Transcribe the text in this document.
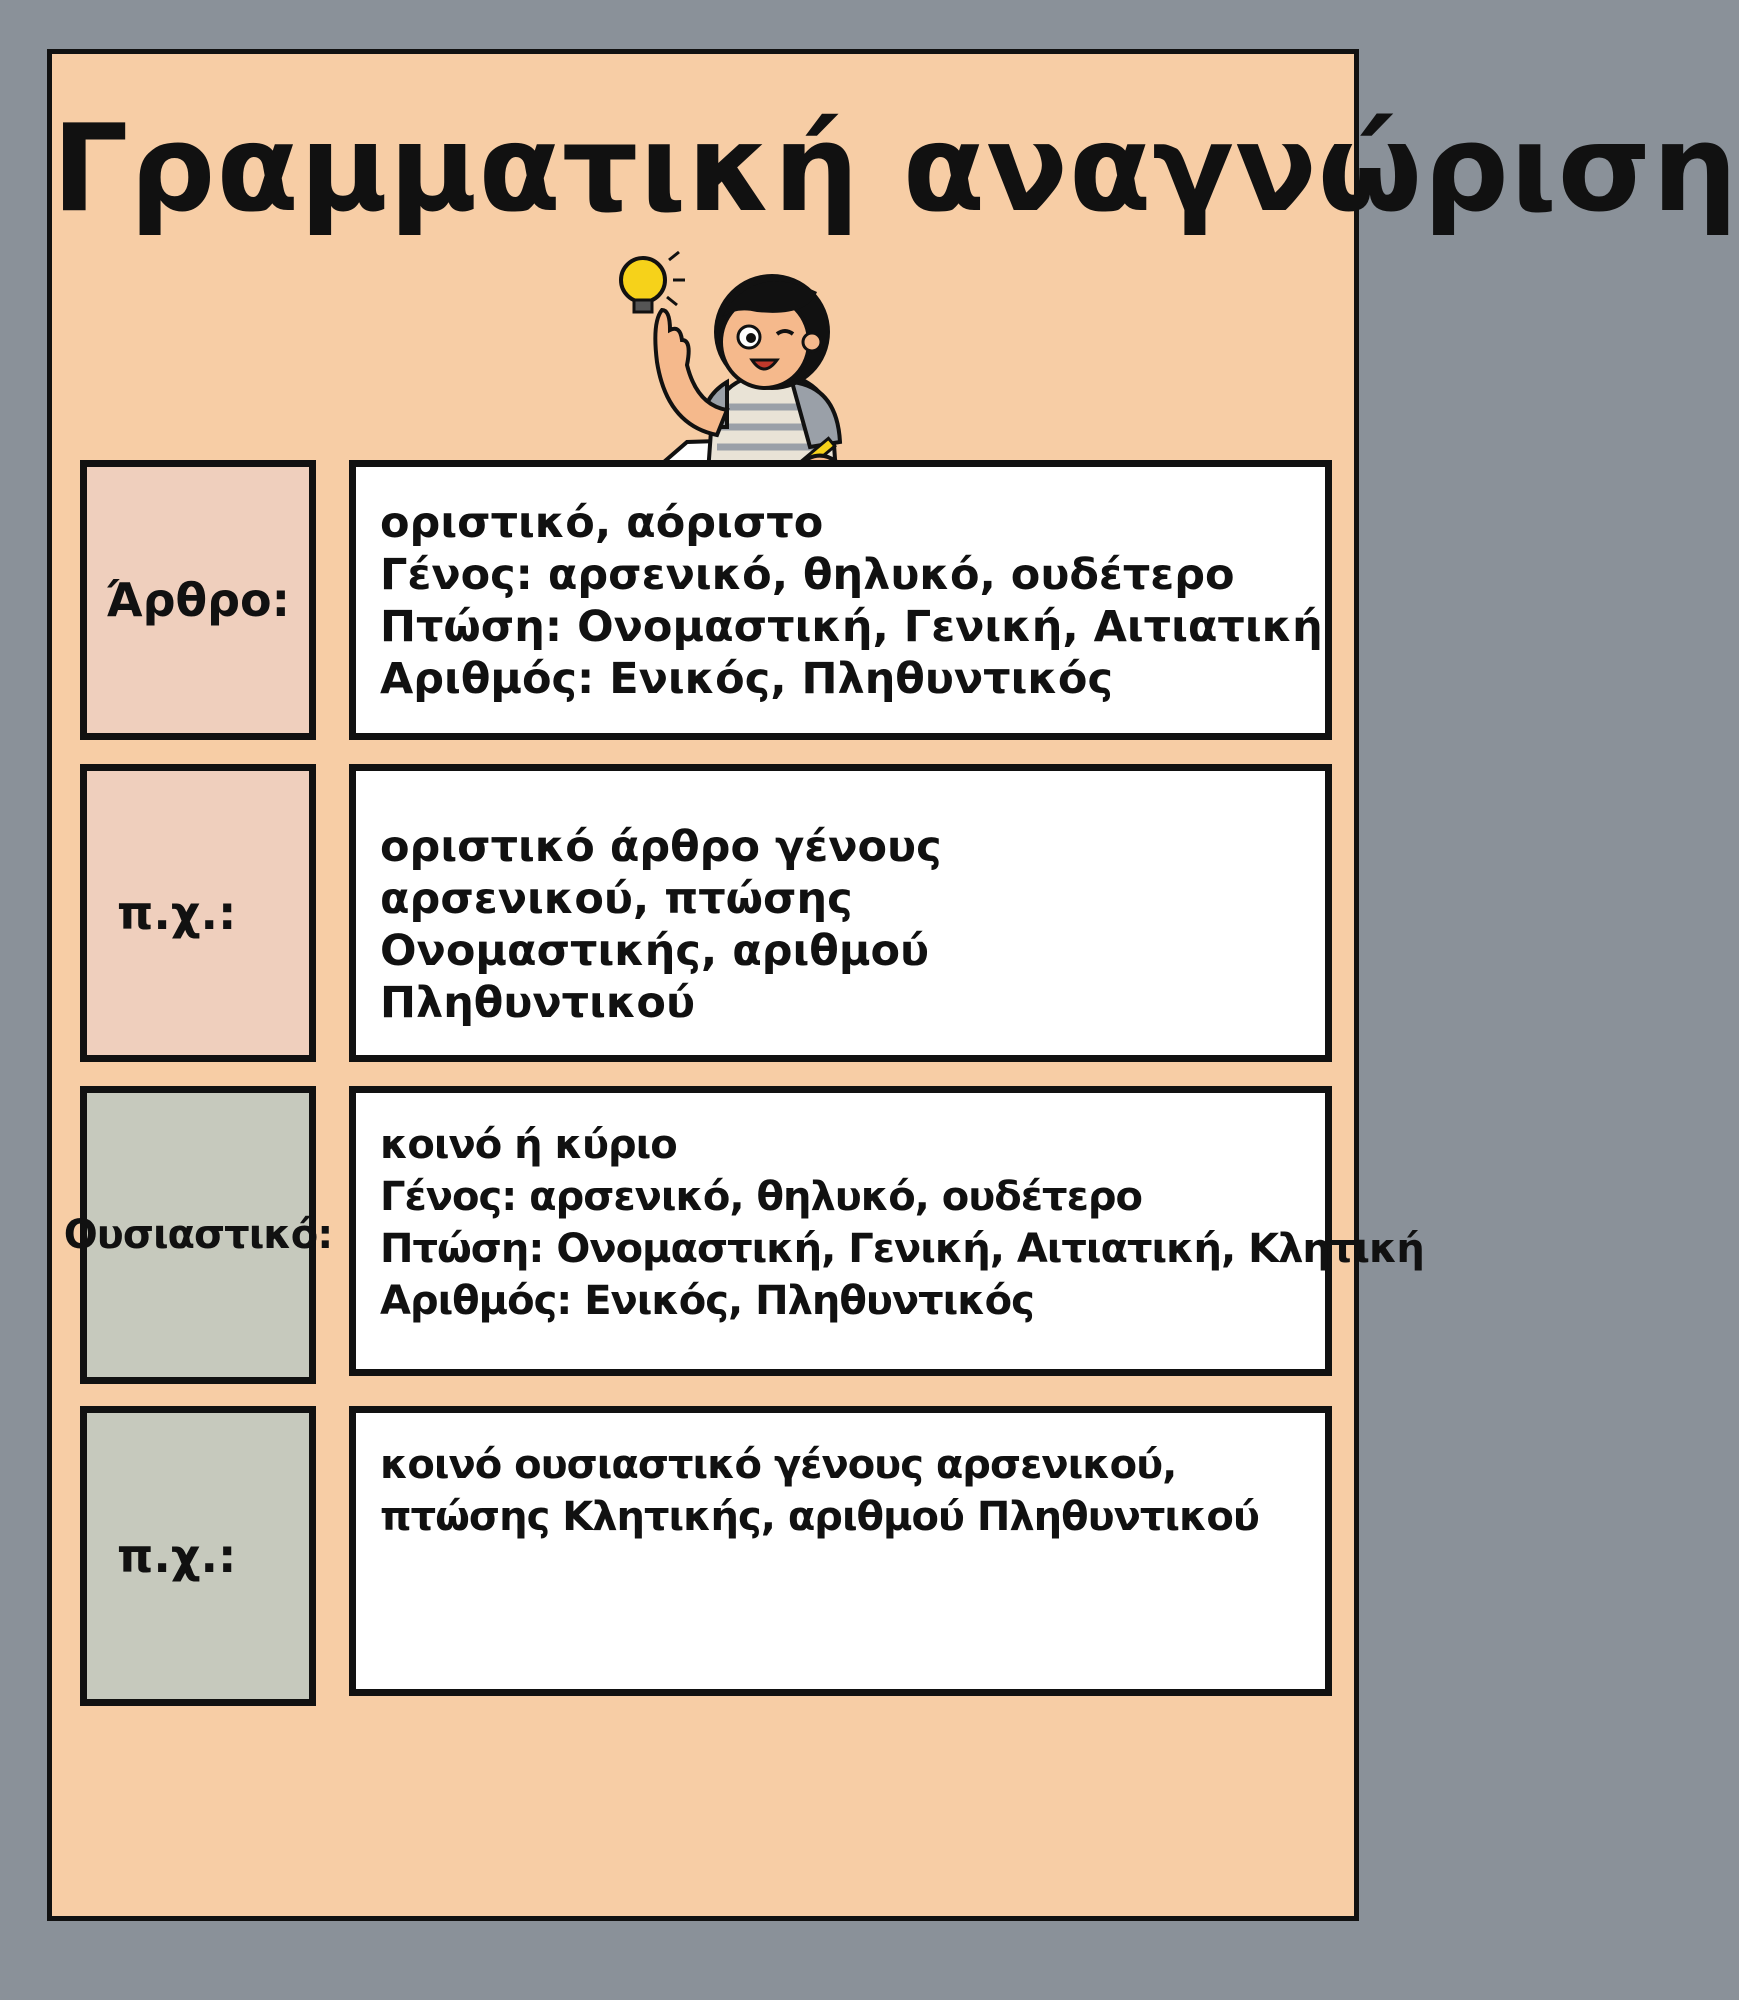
Γραμματική αναγνώριση
Άρθρο:
οριστικό, αόριστο
Γένος: αρσενικό, θηλυκό, ουδέτερο
Πτώση: Ονομαστική, Γενική, Αιτιατική
Αριθμός: Ενικός, Πληθυντικός
π.χ.:
οριστικό άρθρο γένους αρσενικού, πτώσης Ονομαστικής, αριθμού Πληθυντικού
Ουσιαστικό:
κοινό ή κύριο
Γένος: αρσενικό, θηλυκό, ουδέτερο
Πτώση: Ονομαστική, Γενική, Αιτιατική, Κλητική
Αριθμός: Ενικός, Πληθυντικός
π.χ.:
κοινό ουσιαστικό γένους αρσενικού, πτώσης Κλητικής, αριθμού Πληθυντικού
